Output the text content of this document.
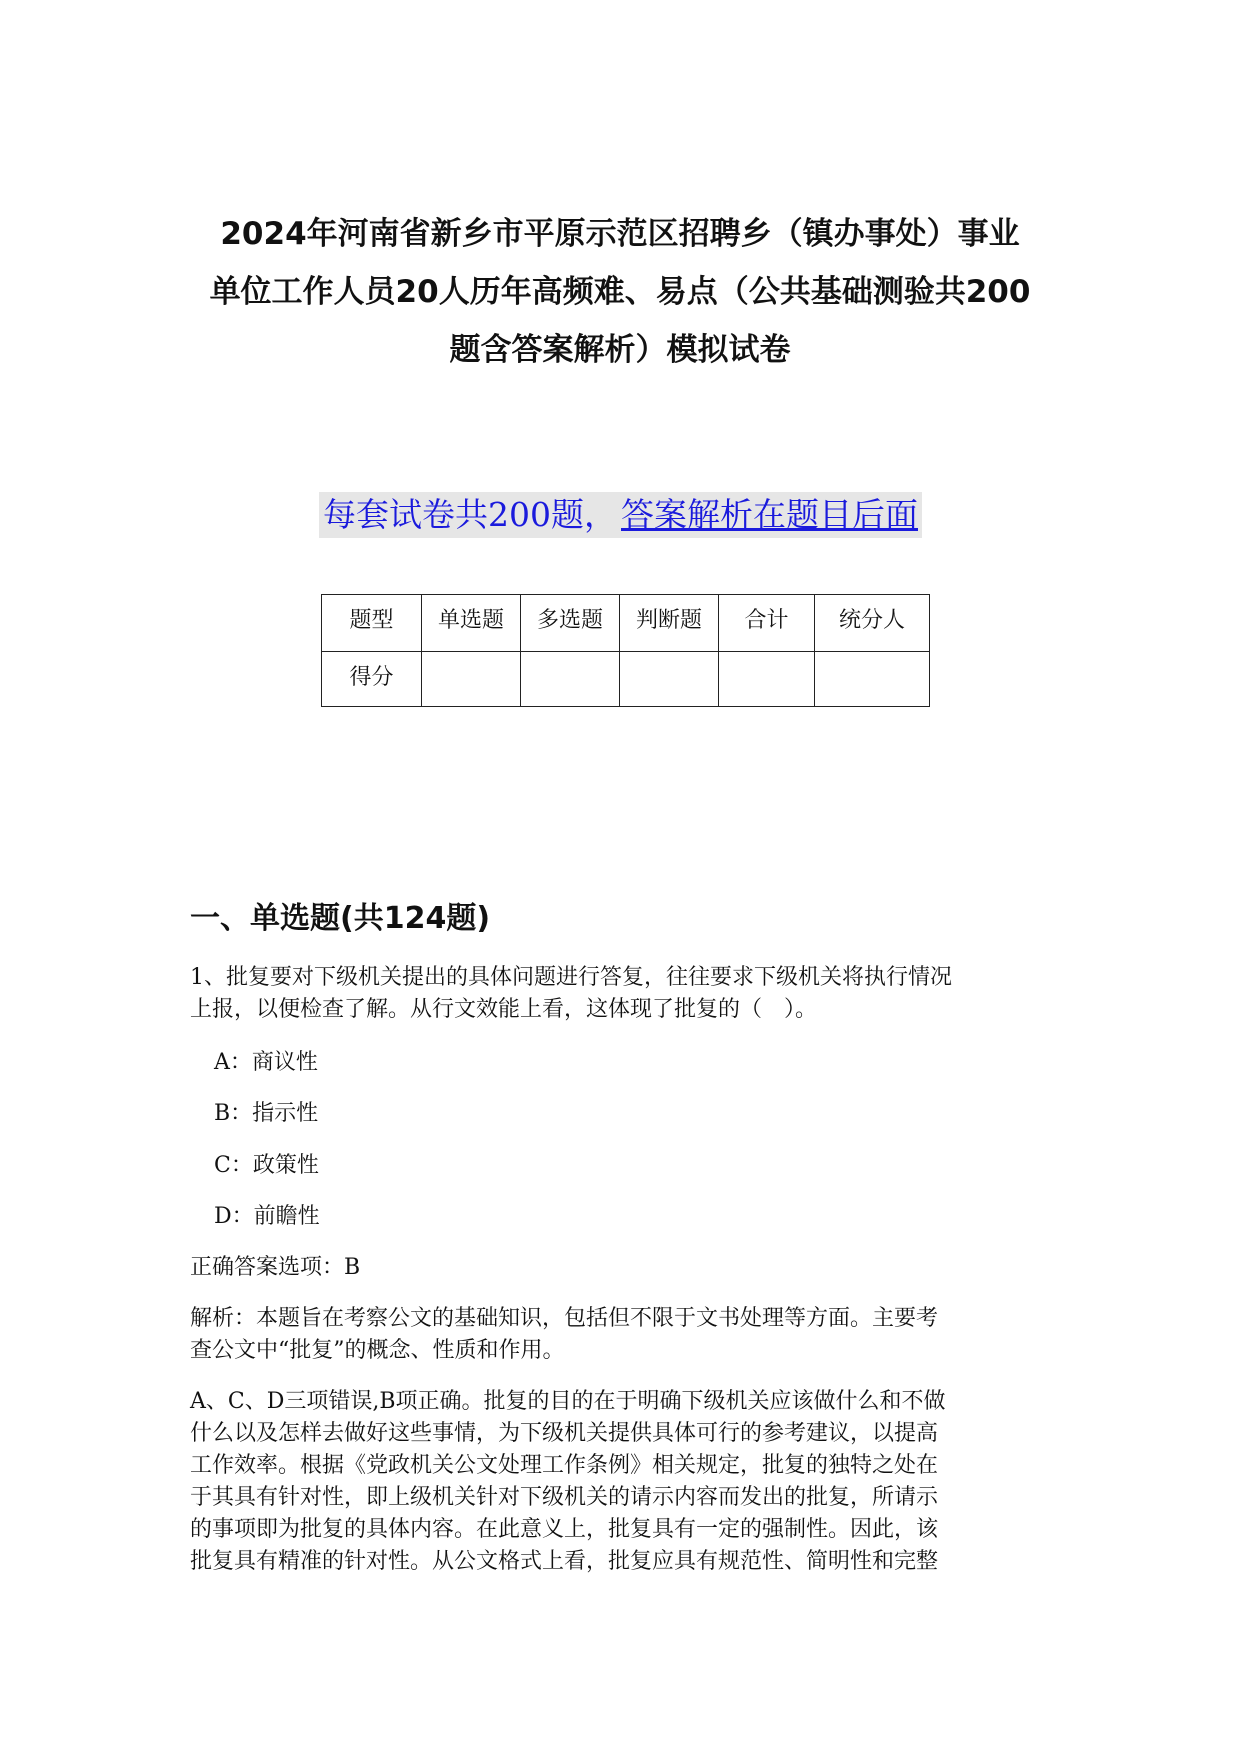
2024年河南省新乡市平原示范区招聘乡（镇办事处）事业
单位工作人员20人历年高频难、易点（公共基础测验共200
题含答案解析）模拟试卷
每套试卷共200题， 答案解析在题目后面
题型	单选题	多选题	判断题	合计	统分人
得分					
一、单选题(共124题)
1、批复要对下级机关提出的具体问题进行答复，往往要求下级机关将执行情况
上报，以便检查了解。从行文效能上看，这体现了批复的（　）。
A：商议性
B：指示性
C：政策性
D：前瞻性
正确答案选项：B
解析：本题旨在考察公文的基础知识，包括但不限于文书处理等方面。主要考
查公文中“批复”的概念、性质和作用。
A、C、D三项错误,B项正确。批复的目的在于明确下级机关应该做什么和不做
什么以及怎样去做好这些事情，为下级机关提供具体可行的参考建议，以提高
工作效率。根据《党政机关公文处理工作条例》相关规定，批复的独特之处在
于其具有针对性，即上级机关针对下级机关的请示内容而发出的批复，所请示
的事项即为批复的具体内容。在此意义上，批复具有一定的强制性。因此，该
批复具有精准的针对性。从公文格式上看，批复应具有规范性、简明性和完整
